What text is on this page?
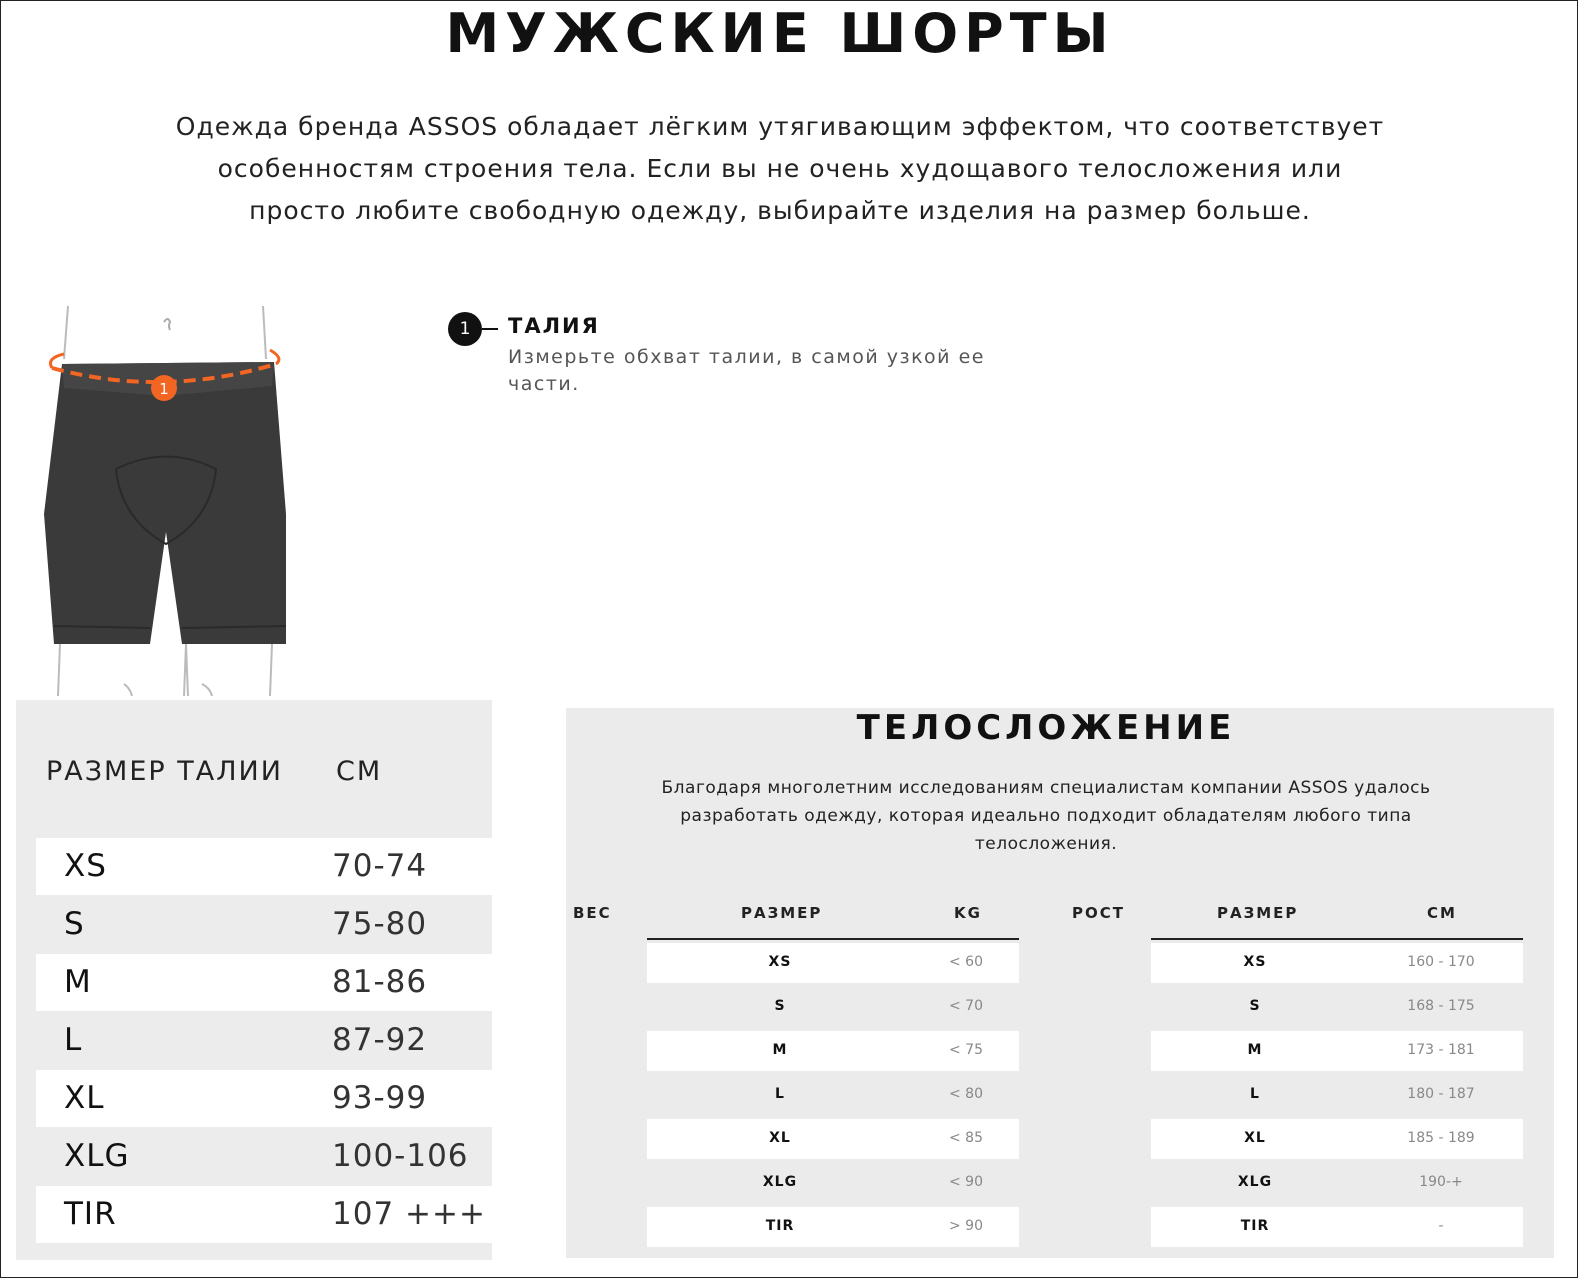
МУЖСКИЕ ШОРТЫ
Одежда бренда ASSOS обладает лёгким утягивающим эффектом, что соответствует
особенностям строения тела. Если вы не очень худощавого телосложения или
просто любите свободную одежду, выбирайте изделия на размер больше.
1
1	ТАЛИЯ
Измерьте обхват талии, в самой узкой ее
части.
РАЗМЕР ТАЛИИ CM
XS	70-74
S	75-80
M	81-86
L	87-92
XL	93-99
XLG	100-106
TIR	107 +++
ТЕЛОСЛОЖЕНИЕ
Благодаря многолетним исследованиям специалистам компании ASSOS удалось
разработать одежду, которая идеально подходит обладателям любого типа
телосложения.
ВЕС	РАЗМЕР	KG	РОСТ	РАЗМЕР	CM
XS	< 60
S	< 70
M	< 75
L	< 80
XL	< 85
XLG	< 90
TIR	> 90
XS	160 - 170
S	168 - 175
M	173 - 181
L	180 - 187
XL	185 - 189
XLG	190-+
TIR	-
